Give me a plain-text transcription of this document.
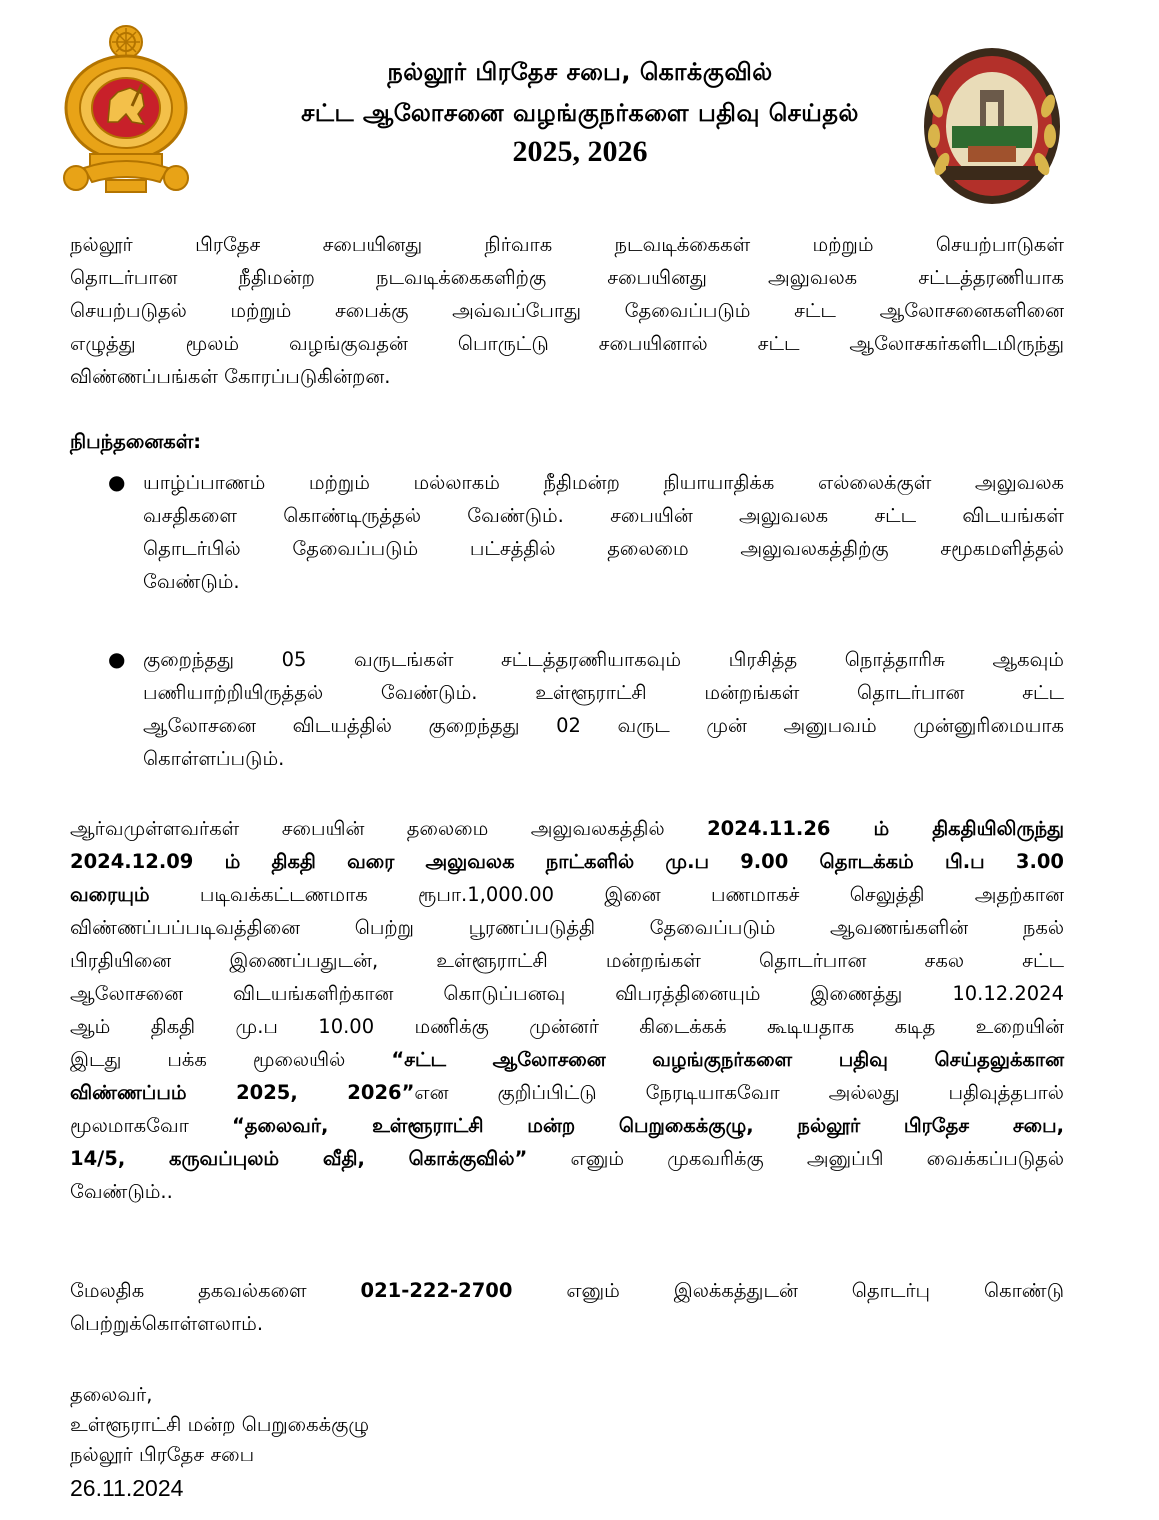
நல்லூர் பிரதேச சபை, கொக்குவில்
சட்ட ஆலோசனை வழங்குநர்களை பதிவு செய்தல்
2025, 2026
நல்லூர் பிரதேச சபையினது நிர்வாக நடவடிக்கைகள் மற்றும் செயற்பாடுகள்
தொடர்பான நீதிமன்ற நடவடிக்கைகளிற்கு சபையினது அலுவலக சட்டத்தரணியாக
செயற்படுதல் மற்றும் சபைக்கு அவ்வப்போது தேவைப்படும் சட்ட ஆலோசனைகளினை
எழுத்து மூலம் வழங்குவதன் பொருட்டு சபையினால் சட்ட ஆலோசகர்களிடமிருந்து
விண்ணப்பங்கள் கோரப்படுகின்றன.
நிபந்தனைகள்:
● யாழ்ப்பாணம் மற்றும் மல்லாகம் நீதிமன்ற நியாயாதிக்க எல்லைக்குள் அலுவலக
வசதிகளை கொண்டிருத்தல் வேண்டும். சபையின் அலுவலக சட்ட விடயங்கள்
தொடர்பில் தேவைப்படும் பட்சத்தில் தலைமை அலுவலகத்திற்கு சமூகமளித்தல்
வேண்டும்.
● குறைந்தது 05 வருடங்கள் சட்டத்தரணியாகவும் பிரசித்த நொத்தாரிசு ஆகவும்
பணியாற்றியிருத்தல் வேண்டும். உள்ளூராட்சி மன்றங்கள் தொடர்பான சட்ட
ஆலோசனை விடயத்தில் குறைந்தது 02 வருட முன் அனுபவம் முன்னுரிமையாக
கொள்ளப்படும்.
ஆர்வமுள்ளவர்கள் சபையின் தலைமை அலுவலகத்தில் 2024.11.26 ம் திகதியிலிருந்து
2024.12.09 ம் திகதி வரை அலுவலக நாட்களில் மு.ப 9.00 தொடக்கம் பி.ப 3.00
வரையும்	படிவக்கட்டணமாக ரூபா.1,000.00 இனை பணமாகச் செலுத்தி அதற்கான
விண்ணப்பப்படிவத்தினை பெற்று பூரணப்படுத்தி தேவைப்படும் ஆவணங்களின் நகல்
பிரதியினை இணைப்பதுடன், உள்ளூராட்சி மன்றங்கள் தொடர்பான சகல சட்ட
ஆலோசனை விடயங்களிற்கான கொடுப்பனவு விபரத்தினையும் இணைத்து 10.12.2024
ஆம் திகதி மு.ப 10.00 மணிக்கு முன்னர் கிடைக்கக் கூடியதாக கடித உறையின்
இடது பக்க மூலையில் “சட்ட ஆலோசனை வழங்குநர்களை பதிவு செய்தலுக்கான
விண்ணப்பம் 2025, 2026”என குறிப்பிட்டு நேரடியாகவோ அல்லது பதிவுத்தபால்
மூலமாகவோ “தலைவர், உள்ளூராட்சி மன்ற பெறுகைக்குழு, நல்லூர் பிரதேச சபை,
14/5, கருவப்புலம் வீதி, கொக்குவில்” எனும் முகவரிக்கு அனுப்பி வைக்கப்படுதல்
வேண்டும்..
மேலதிக தகவல்களை	021-222-2700	எனும் இலக்கத்துடன் தொடர்பு கொண்டு
பெற்றுக்கொள்ளலாம்.
தலைவர்,
உள்ளூராட்சி மன்ற பெறுகைக்குழு
நல்லூர் பிரதேச சபை
26.11.2024
